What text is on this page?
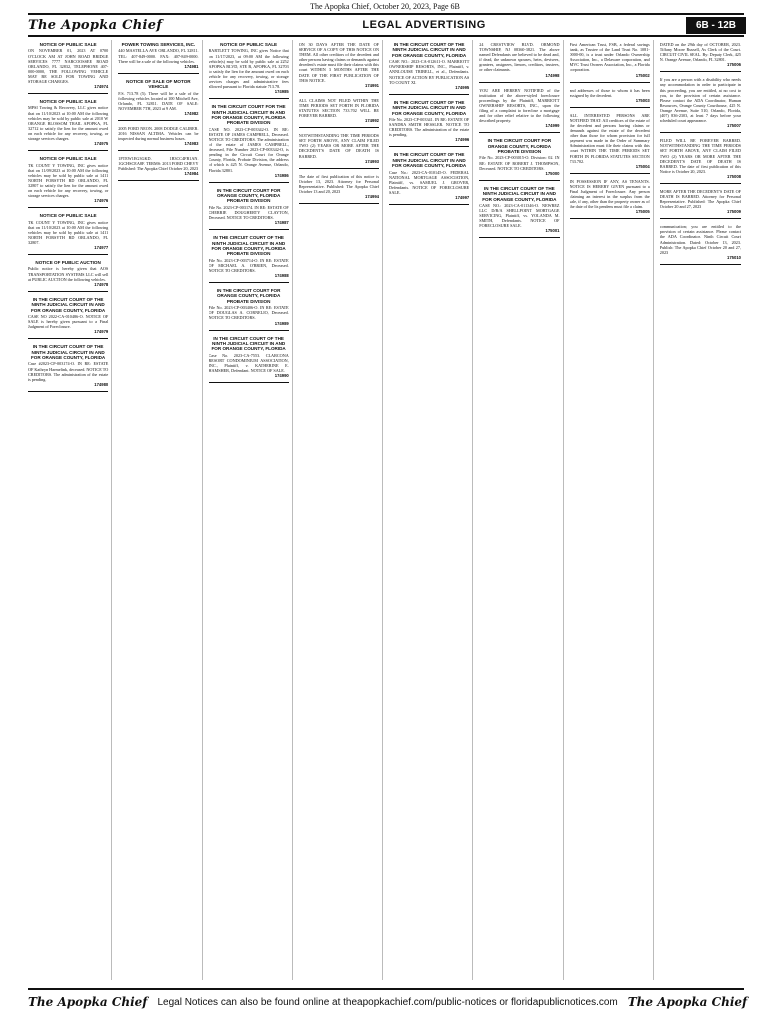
The Apopka Chief, October 20, 2023, Page 6B
The Apopka Chief	LEGAL ADVERTISING	6B - 12B
NOTICE OF PUBLIC SALE
ON NOVEMBER 01, 2023 AT 0700 O'CLOCK AM AT JOHN ROAD BRIDGE SERVICES 7777 NARCOOSSEE ROAD ORLANDO, FL 32832, TELEPHONE 407-000-0000, THE FOLLOWING VEHICLE MAY BE SOLD FOR TOWING AND STORAGE CHARGES.
174974
NOTICE OF PUBLIC SALE
MPSI Towing & Recovery, LLC gives notice that on 11/10/2023 at 10:00 AM the following vehicles may be sold by public sale at 2010 W ORANGE BLOSSOM TRAIL APOPKA, FL 32712 to satisfy the lien for the amount owed on each vehicle for any recovery, towing, or storage services charges.
174975
NOTICE OF PUBLIC SALE
TK COUNT Y TOWING, INC gives notice that on 11/09/2023 at 10:00 AM the following vehicles may be sold by public sale at 1411 NORTH FORSYTH RD ORLANDO, FL 32807 to satisfy the lien for the amount owed on each vehicle for any recovery, towing, or storage services charges.
174976
NOTICE OF PUBLIC SALE
TK COUNT Y TOWING, INC gives notice that on 11/10/2023 at 10:00 AM the following vehicles may be sold by public sale at 1411 NORTH FORSYTH RD ORLANDO, FL 32807.
174977
NOTICE OF PUBLIC AUCTION
Public notice is hereby given that AOS TRANSPORTATION SYSTEMS LLC will sell at PUBLIC AUCTION the following vehicles.
174978
IN THE CIRCUIT COURT OF THE NINTH JUDICIAL CIRCUIT IN AND FOR ORANGE COUNTY, FLORIDA
CASE NO 2022-CA-010486-O. NOTICE OF SALE is hereby given pursuant to a Final Judgment of Foreclosure.
174979
IN THE CIRCUIT COURT OF THE NINTH JUDICIAL CIRCUIT IN AND FOR ORANGE COUNTY, FLORIDA
Case #2023-CP-003174-O. IN RE: ESTATE OF Kathryn Harmelink, deceased. NOTICE TO CREDITORS. The administration of the estate is pending.
174980
POWER TOWING SERVICES, INC.
440 MASTELLA AVE ORLANDO, FL 32811. TEL: 407-849-0000. FAX: 407-849-0000. There will be a sale of the following vehicles.
174981
NOTICE OF SALE OF MOTOR VEHICLE
F.S. 713.78 (5). There will be a sale of the following vehicles located at 100 Mitchell Ave, Orlando, FL 32811. DATE OF SALE: NOVEMBER 7TH, 2023 at 9 AM.
174982
2005 FORD NEON. 2008 DODGE CALIBER. 2016 NISSAN ALTIMA. Vehicles can be inspected during normal business hours.
174983
1FTEW1EG3GKD. 1B3CC4FB1AN. 1GCHSCEA8F. TERMS: 2013 FORD CHEVY Published: The Apopka Chief October 20, 2023
174984
NOTICE OF PUBLIC SALE
BARTLETT TOWING, INC gives Notice that on 11/17/2023, at 09:00 AM the following vehicle(s) may be sold by public sale at 2252 APOPKA BLVD, STE B, APOPKA, FL 32703 to satisfy the lien for the amount owed on each vehicle for any recovery, towing, or storage services charges and administrative fees allowed pursuant to Florida statute 713.78.
174985
IN THE CIRCUIT COURT FOR THE NINTH JUDICIAL CIRCUIT IN AND FOR ORANGE COUNTY, FLORIDA PROBATE DIVISION
CASE NO. 2023-CP-003342-O. IN RE: ESTATE OF JAMES CAMPBELL, Deceased. NOTICE TO CREDITORS. The administration of the estate of JAMES CAMPBELL, deceased, File Number 2023-CP-003342-O, is pending in the Circuit Court for Orange County, Florida, Probate Division, the address of which is 425 N. Orange Avenue, Orlando, Florida 32801.
174986
IN THE CIRCUIT COURT FOR ORANGE COUNTY, FLORIDA PROBATE DIVISION
File No. 2023-CP-003174. IN RE: ESTATE OF CHERRIE DOUGHERTY CLAYTON, Deceased. NOTICE TO CREDITORS.
174987
IN THE CIRCUIT COURT OF THE NINTH JUDICIAL CIRCUIT IN AND FOR ORANGE COUNTY, FLORIDA PROBATE DIVISION
File No. 2023-CP-003714-O. IN RE: ESTATE OF MICHAEL A. O'BRIEN, Deceased. NOTICE TO CREDITORS.
174988
IN THE CIRCUIT COURT FOR ORANGE COUNTY, FLORIDA PROBATE DIVISION
File No. 2023-CP-003406-O. IN RE: ESTATE OF DOUGLAS A. CORNELIO, Deceased. NOTICE TO CREDITORS.
174989
IN THE CIRCUIT COURT OF THE NINTH JUDICIAL CIRCUIT IN AND FOR ORANGE COUNTY, FLORIDA
Case No. 2023-CA-7553. CLARCONA RESORT CONDOMINIUM ASSOCIATION, INC., Plaintiff, v. KATHERINE E. HAMSHER, Defendant. NOTICE OF SALE.
174990
ON 30 DAYS AFTER THE DATE OF SERVICE OF A COPY OF THIS NOTICE ON THEM. All other creditors of the decedent and other persons having claims or demands against decedent's estate must file their claims with this court WITHIN 3 MONTHS AFTER THE DATE OF THE FIRST PUBLICATION OF THIS NOTICE.
174991
ALL CLAIMS NOT FILED WITHIN THE TIME PERIODS SET FORTH IN FLORIDA STATUTES SECTION 733.702 WILL BE FOREVER BARRED.
174992
NOTWITHSTANDING THE TIME PERIODS SET FORTH ABOVE, ANY CLAIM FILED TWO (2) YEARS OR MORE AFTER THE DECEDENT'S DATE OF DEATH IS BARRED.
174993
The date of first publication of this notice is October 13, 2023. Attorney for Personal Representative. Published: The Apopka Chief October 13 and 20, 2023
174994
IN THE CIRCUIT COURT OF THE NINTH JUDICIAL CIRCUIT IN AND FOR ORANGE COUNTY, FLORIDA
CASE NO.: 2023-CA-012611-O. MARRIOTT OWNERSHIP RESORTS, INC., Plaintiff, v. ANNLOUISE TRIBELL, et al., Defendants. NOTICE OF ACTION BY PUBLICATION AS TO COUNT XI.
174995
IN THE CIRCUIT COURT OF THE NINTH JUDICIAL CIRCUIT IN AND FOR ORANGE COUNTY, FLORIDA
File No. 2023-CP-003341. IN RE: ESTATE OF SANDRA SMITH HESSLER. NOTICE TO CREDITORS. The administration of the estate is pending.
174996
IN THE CIRCUIT COURT OF THE NINTH JUDICIAL CIRCUIT IN AND FOR ORANGE COUNTY, FLORIDA
Case No.: 2023-CA-010145-O. FEDERAL NATIONAL MORTGAGE ASSOCIATION, Plaintiff, vs. SAMUEL J. GROVER, Defendants. NOTICE OF FORECLOSURE SALE.
174997
24 CRESTVIEW BLVD. ORMOND TOWNSHIP, NJ 08360-3821. The above named Defendants are believed to be dead and, if dead, the unknown spouses, heirs, devisees, grantees, assignees, lienors, creditors, trustees, or other claimants.
174998
YOU ARE HEREBY NOTIFIED of the institution of the above-styled foreclosure proceedings by the Plaintiff, MARRIOTT OWNERSHIP RESORTS, INC., upon the filing of a complaint to foreclose a mortgage and for other relief relative to the following described property.
174999
IN THE CIRCUIT COURT FOR ORANGE COUNTY, FLORIDA PROBATE DIVISION
File No. 2023-CP-003015-O. Division: 02. IN RE: ESTATE OF ROBERT J. THOMPSON, Deceased. NOTICE TO CREDITORS.
175000
IN THE CIRCUIT COURT OF THE NINTH JUDICIAL CIRCUIT IN AND FOR ORANGE COUNTY, FLORIDA
CASE NO.: 2023-CA-011346-O. NEWREZ LLC D/B/A SHELLPOINT MORTGAGE SERVICING, Plaintiff, vs. YOLANDA M. SMITH, Defendants. NOTICE OF FORECLOSURE SALE.
175001
First American Trust, FSB, a federal savings bank, as Trustee of the Land Trust No. 1081-0000-00, is a trust under Orlando Ownership Association, Inc., a Delaware corporation, and MVC Trust Owners Association, Inc., a Florida corporation.
175002
and addresses of those to whom it has been assigned by the decedent.
175003
ALL INTERESTED PERSONS ARE NOTIFIED THAT: All creditors of the estate of the decedent and persons having claims or demands against the estate of the decedent other than those for whom provision for full payment was made in the Order of Summary Administration must file their claims with this court WITHIN THE TIME PERIODS SET FORTH IN FLORIDA STATUTES SECTION 733.702.
175004
IN POSSESSION IF ANY, AS TENANTS. NOTICE IS HEREBY GIVEN pursuant to a Final Judgment of Foreclosure. Any person claiming an interest in the surplus from the sale, if any, other than the property owner as of the date of the lis pendens must file a claim.
175005
DATED on the 29th day of OCTOBER, 2023. Tiffany Moore Russell, As Clerk of the Court. CIRCUIT CIVIL SEAL. By: Deputy Clerk, 425 N. Orange Avenue, Orlando, FL 32801.
175006
If you are a person with a disability who needs any accommodation in order to participate in this proceeding, you are entitled, at no cost to you, to the provision of certain assistance. Please contact the ADA Coordinator, Human Resources, Orange County Courthouse, 425 N. Orange Avenue, Suite 510, Orlando, Florida, (407) 836-2303, at least 7 days before your scheduled court appearance.
175007
FILED WILL BE FOREVER BARRED. NOTWITHSTANDING THE TIME PERIODS SET FORTH ABOVE, ANY CLAIM FILED TWO (2) YEARS OR MORE AFTER THE DECEDENT'S DATE OF DEATH IS BARRED. The date of first publication of this Notice is October 20, 2023.
175008
MORE AFTER THE DECEDENT'S DATE OF DEATH IS BARRED. Attorney for Personal Representative. Published: The Apopka Chief October 20 and 27, 2023
175009
communication; you are entitled to the provision of certain assistance. Please contact the ADA Coordinator. Ninth Circuit Court Administration. Dated: October 13, 2023. Publish: The Apopka Chief October 20 and 27, 2023
175010
The Apopka Chief	Legal Notices can also be found online at theapopkachief.com/public-notices or floridapublicnotices.com The Apopka Chief
